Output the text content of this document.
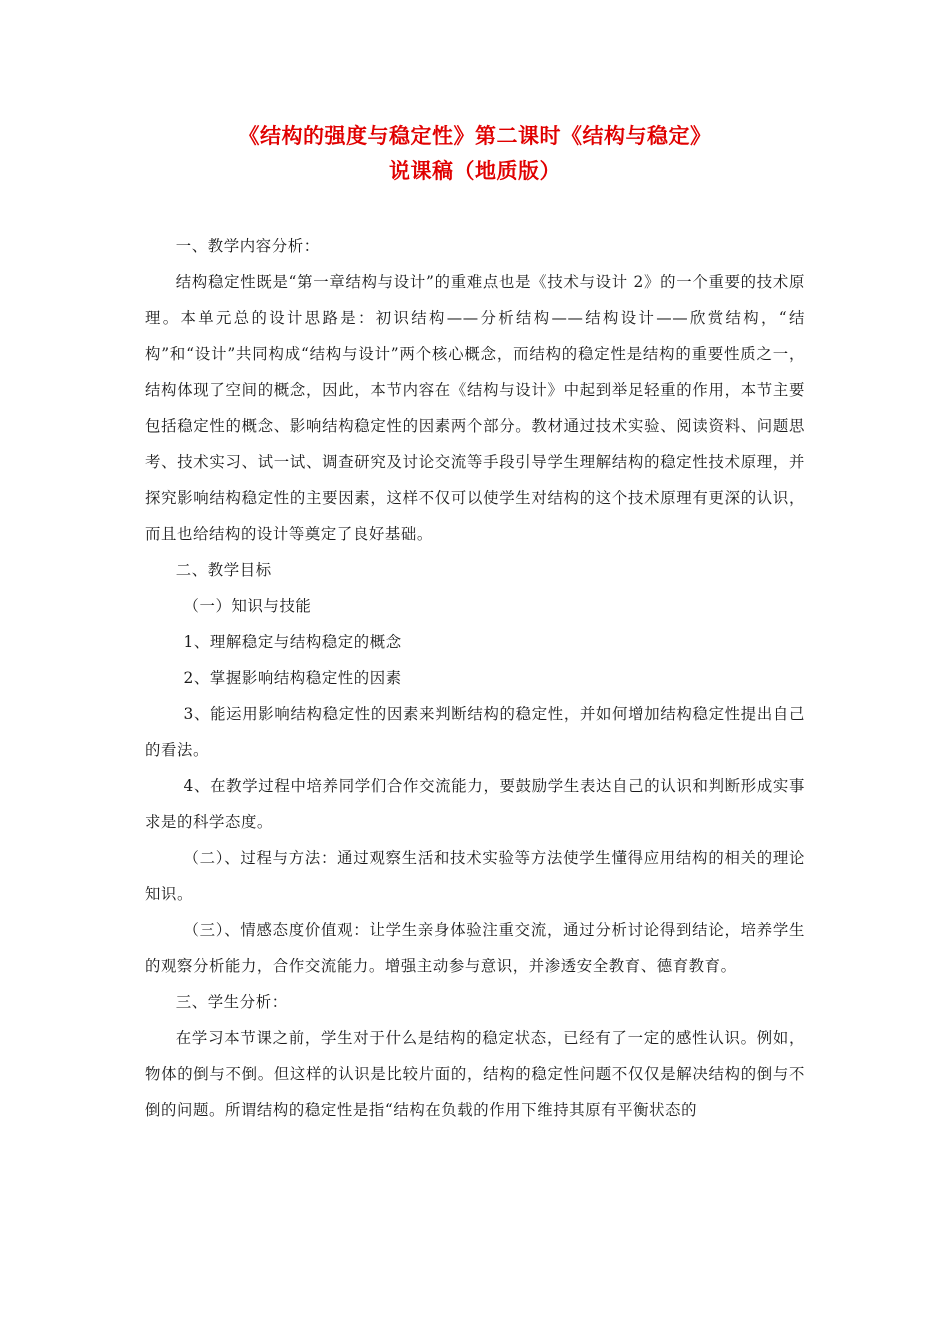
《结构的强度与稳定性》第二课时《结构与稳定》
说课稿（地质版）

一、教学内容分析：

结构稳定性既是“第一章结构与设计”的重难点也是《技术与设计 2》的一个重要的技术原理。本单元总的设计思路是：初识结构——分析结构——结构设计——欣赏结构，“结构”和“设计”共同构成“结构与设计”两个核心概念，而结构的稳定性是结构的重要性质之一，结构体现了空间的概念，因此，本节内容在《结构与设计》中起到举足轻重的作用，本节主要包括稳定性的概念、影响结构稳定性的因素两个部分。教材通过技术实验、阅读资料、问题思考、技术实习、试一试、调查研究及讨论交流等手段引导学生理解结构的稳定性技术原理，并探究影响结构稳定性的主要因素，这样不仅可以使学生对结构的这个技术原理有更深的认识，而且也给结构的设计等奠定了良好基础。

二、教学目标

（一）知识与技能

1、理解稳定与结构稳定的概念

2、掌握影响结构稳定性的因素

3、能运用影响结构稳定性的因素来判断结构的稳定性，并如何增加结构稳定性提出自己的看法。

4、在教学过程中培养同学们合作交流能力，要鼓励学生表达自己的认识和判断形成实事求是的科学态度。

（二）、过程与方法：通过观察生活和技术实验等方法使学生懂得应用结构的相关的理论知识。

（三）、情感态度价值观：让学生亲身体验注重交流，通过分析讨论得到结论，培养学生的观察分析能力，合作交流能力。增强主动参与意识，并渗透安全教育、德育教育。

三、学生分析：

在学习本节课之前，学生对于什么是结构的稳定状态，已经有了一定的感性认识。例如，物体的倒与不倒。但这样的认识是比较片面的，结构的稳定性问题不仅仅是解决结构的倒与不倒的问题。所谓结构的稳定性是指“结构在负载的作用下维持其原有平衡状态的
